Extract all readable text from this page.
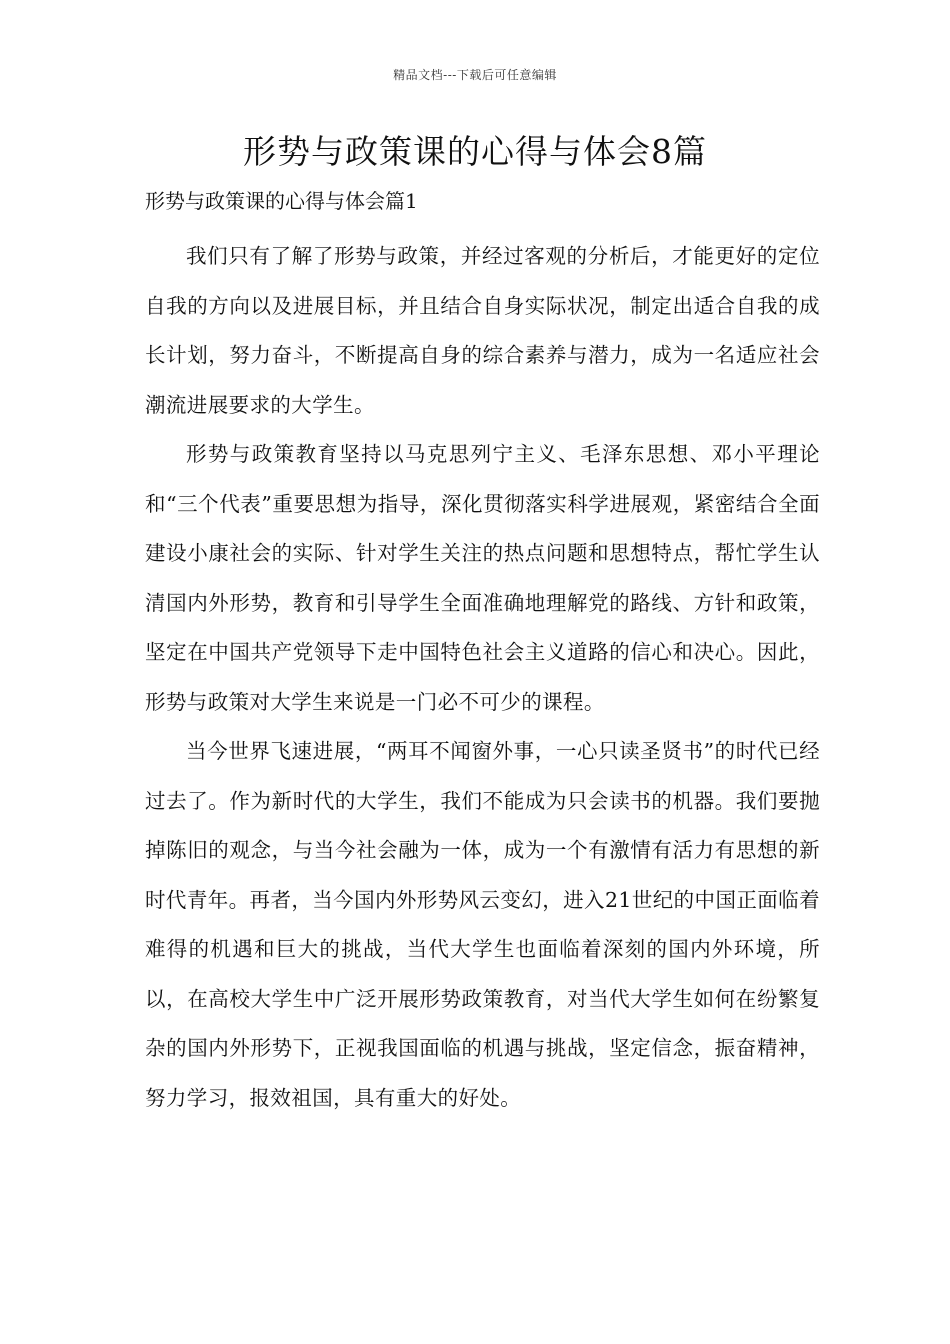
精品文档---下载后可任意编辑
形势与政策课的心得与体会8篇
形势与政策课的心得与体会篇1

我们只有了解了形势与政策，并经过客观的分析后，才能更好的定位自我的方向以及进展目标，并且结合自身实际状况，制定出适合自我的成长计划，努力奋斗，不断提高自身的综合素养与潜力，成为一名适应社会潮流进展要求的大学生。

形势与政策教育坚持以马克思列宁主义、毛泽东思想、邓小平理论和“三个代表”重要思想为指导，深化贯彻落实科学进展观，紧密结合全面建设小康社会的实际、针对学生关注的热点问题和思想特点，帮忙学生认清国内外形势，教育和引导学生全面准确地理解党的路线、方针和政策，坚定在中国共产党领导下走中国特色社会主义道路的信心和决心。因此，形势与政策对大学生来说是一门必不可少的课程。

当今世界飞速进展，“两耳不闻窗外事，一心只读圣贤书”的时代已经过去了。作为新时代的大学生，我们不能成为只会读书的机器。我们要抛掉陈旧的观念，与当今社会融为一体，成为一个有激情有活力有思想的新时代青年。再者，当今国内外形势风云变幻，进入21世纪的中国正面临着难得的机遇和巨大的挑战，当代大学生也面临着深刻的国内外环境，所以，在高校大学生中广泛开展形势政策教育，对当代大学生如何在纷繁复杂的国内外形势下，正视我国面临的机遇与挑战，坚定信念，振奋精神，努力学习，报效祖国，具有重大的好处。
